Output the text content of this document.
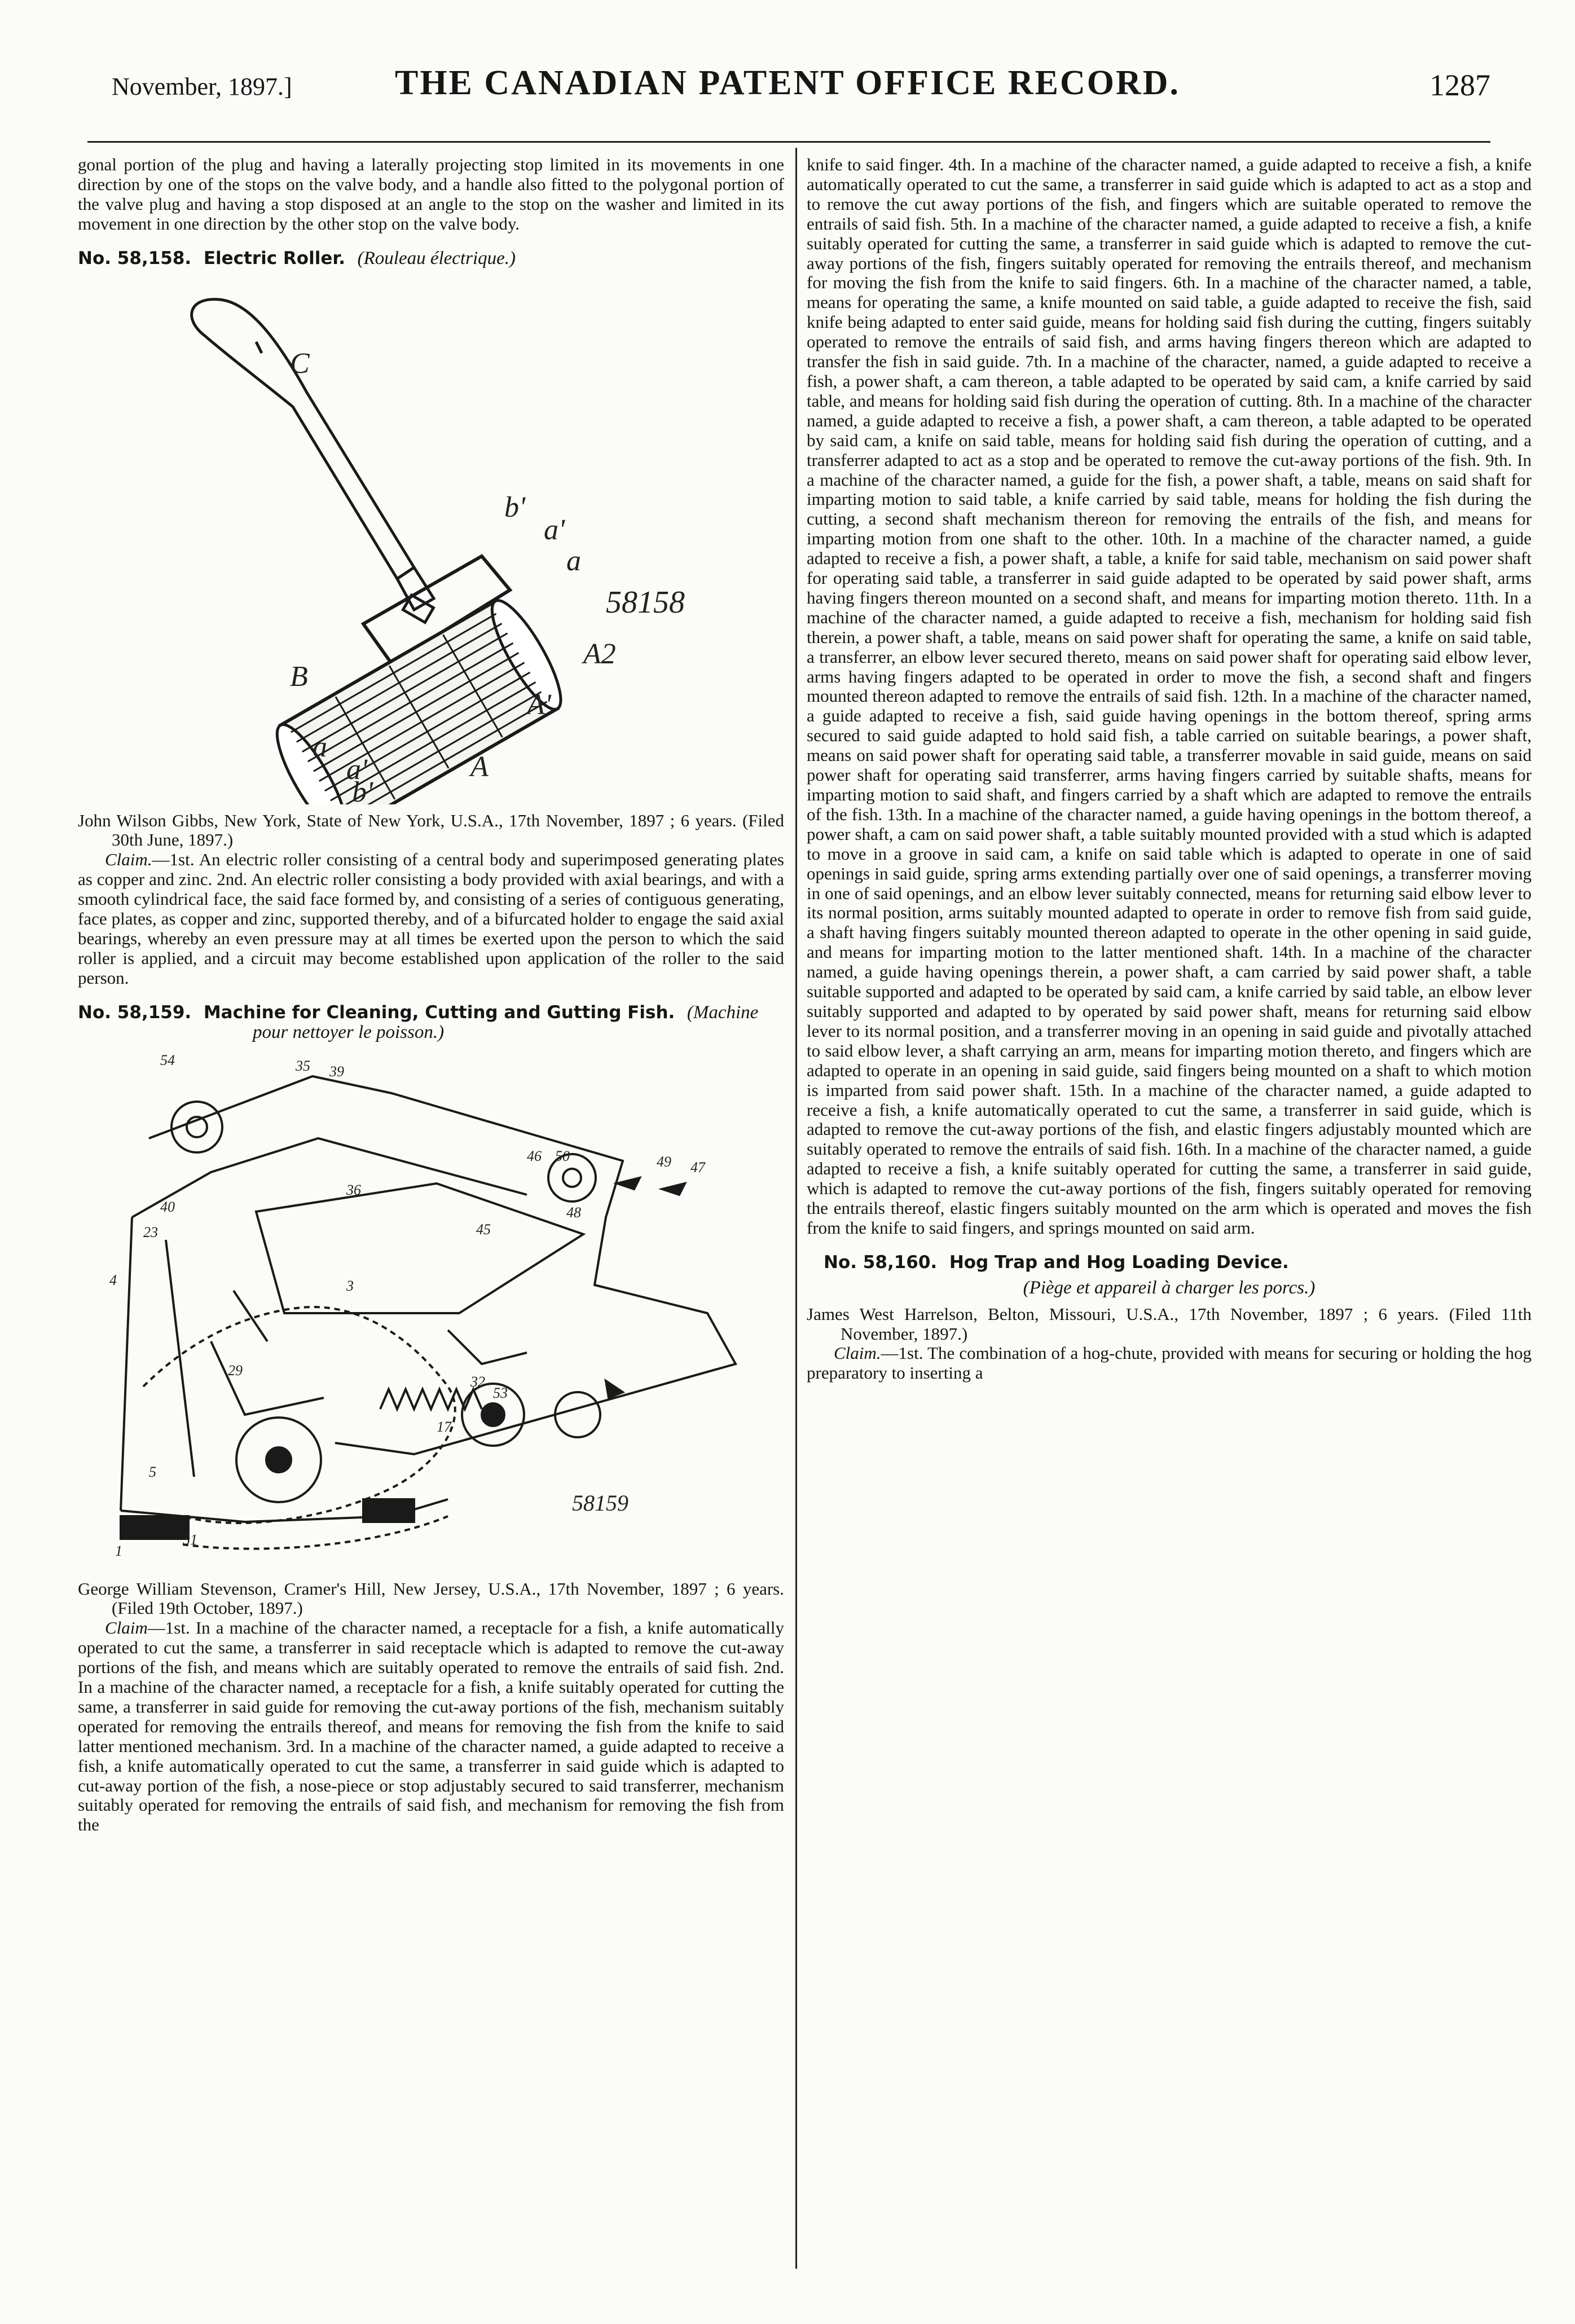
November, 1897.]	THE CANADIAN PATENT OFFICE RECORD.	1287

gonal portion of the plug and having a laterally projecting stop limited in its movements in one direction by one of the stops on the valve body, and a handle also fitted to the polygonal portion of the valve plug and having a stop disposed at an angle to the stop on the washer and limited in its movement in one direction by the other stop on the valve body.

No. 58,158. Electric Roller. (Rouleau électrique.)

C
b'
a'
a
58158
B
A2
A'
a
a'
b'
A

John Wilson Gibbs, New York, State of New York, U.S.A., 17th November, 1897 ; 6 years. (Filed 30th June, 1897.)

Claim.—1st. An electric roller consisting of a central body and superimposed generating plates as copper and zinc. 2nd. An electric roller consisting a body provided with axial bearings, and with a smooth cylindrical face, the said face formed by, and consisting of a series of contiguous generating, face plates, as copper and zinc, supported thereby, and of a bifurcated holder to engage the said axial bearings, whereby an even pressure may at all times be exerted upon the person to which the said roller is applied, and a circuit may become established upon application of the roller to the said person.

No. 58,159. Machine for Cleaning, Cutting and Gutting Fish. (Machine pour nettoyer le poisson.)

54	35 39
46 50
47
49
40
23
36
45
48
4	3
29
51
53
32
17
1
5
58159

George William Stevenson, Cramer's Hill, New Jersey, U.S.A., 17th November, 1897 ; 6 years. (Filed 19th October, 1897.)

Claim—1st. In a machine of the character named, a receptacle for a fish, a knife automatically operated to cut the same, a transferrer in said receptacle which is adapted to remove the cut-away portions of the fish, and means which are suitably operated to remove the entrails of said fish. 2nd. In a machine of the character named, a receptacle for a fish, a knife suitably operated for cutting the same, a transferrer in said guide for removing the cut-away portions of the fish, mechanism suitably operated for removing the entrails thereof, and means for removing the fish from the knife to said latter mentioned mechanism. 3rd. In a machine of the character named, a guide adapted to receive a fish, a knife automatically operated to cut the same, a transferrer in said guide which is adapted to cut-away portion of the fish, a nose-piece or stop adjustably secured to said transferrer, mechanism suitably operated for removing the entrails of said fish, and mechanism for removing the fish from the

knife to said finger. 4th. In a machine of the character named, a guide adapted to receive a fish, a knife automatically operated to cut the same, a transferrer in said guide which is adapted to act as a stop and to remove the cut away portions of the fish, and fingers which are suitable operated to remove the entrails of said fish. 5th. In a machine of the character named, a guide adapted to receive a fish, a knife suitably operated for cutting the same, a transferrer in said guide which is adapted to remove the cut-away portions of the fish, fingers suitably operated for removing the entrails thereof, and mechanism for moving the fish from the knife to said fingers. 6th. In a machine of the character named, a table, means for operating the same, a knife mounted on said table, a guide adapted to receive the fish, said knife being adapted to enter said guide, means for holding said fish during the cutting, fingers suitably operated to remove the entrails of said fish, and arms having fingers thereon which are adapted to transfer the fish in said guide. 7th. In a machine of the character, named, a guide adapted to receive a fish, a power shaft, a cam thereon, a table adapted to be operated by said cam, a knife carried by said table, and means for holding said fish during the operation of cutting. 8th. In a machine of the character named, a guide adapted to receive a fish, a power shaft, a cam thereon, a table adapted to be operated by said cam, a knife on said table, means for holding said fish during the operation of cutting, and a transferrer adapted to act as a stop and be operated to remove the cut-away portions of the fish. 9th. In a machine of the character named, a guide for the fish, a power shaft, a table, means on said shaft for imparting motion to said table, a knife carried by said table, means for holding the fish during the cutting, a second shaft mechanism thereon for removing the entrails of the fish, and means for imparting motion from one shaft to the other. 10th. In a machine of the character named, a guide adapted to receive a fish, a power shaft, a table, a knife for said table, mechanism on said power shaft for operating said table, a transferrer in said guide adapted to be operated by said power shaft, arms having fingers thereon mounted on a second shaft, and means for imparting motion thereto. 11th. In a machine of the character named, a guide adapted to receive a fish, mechanism for holding said fish therein, a power shaft, a table, means on said power shaft for operating the same, a knife on said table, a transferrer, an elbow lever secured thereto, means on said power shaft for operating said elbow lever, arms having fingers adapted to be operated in order to move the fish, a second shaft and fingers mounted thereon adapted to remove the entrails of said fish. 12th. In a machine of the character named, a guide adapted to receive a fish, said guide having openings in the bottom thereof, spring arms secured to said guide adapted to hold said fish, a table carried on suitable bearings, a power shaft, means on said power shaft for operating said table, a transferrer movable in said guide, means on said power shaft for operating said transferrer, arms having fingers carried by suitable shafts, means for imparting motion to said shaft, and fingers carried by a shaft which are adapted to remove the entrails of the fish. 13th. In a machine of the character named, a guide having openings in the bottom thereof, a power shaft, a cam on said power shaft, a table suitably mounted provided with a stud which is adapted to move in a groove in said cam, a knife on said table which is adapted to operate in one of said openings in said guide, spring arms extending partially over one of said openings, a transferrer moving in one of said openings, and an elbow lever suitably connected, means for returning said elbow lever to its normal position, arms suitably mounted adapted to operate in order to remove fish from said guide, a shaft having fingers suitably mounted thereon adapted to operate in the other opening in said guide, and means for imparting motion to the latter mentioned shaft. 14th. In a machine of the character named, a guide having openings therein, a power shaft, a cam carried by said power shaft, a table suitable supported and adapted to be operated by said cam, a knife carried by said table, an elbow lever suitably supported and adapted to by operated by said power shaft, means for returning said elbow lever to its normal position, and a transferrer moving in an opening in said guide and pivotally attached to said elbow lever, a shaft carrying an arm, means for imparting motion thereto, and fingers which are adapted to operate in an opening in said guide, said fingers being mounted on a shaft to which motion is imparted from said power shaft. 15th. In a machine of the character named, a guide adapted to receive a fish, a knife automatically operated to cut the same, a transferrer in said guide, which is adapted to remove the cut-away portions of the fish, and elastic fingers adjustably mounted which are suitably operated to remove the entrails of said fish. 16th. In a machine of the character named, a guide adapted to receive a fish, a knife suitably operated for cutting the same, a transferrer in said guide, which is adapted to remove the cut-away portions of the fish, fingers suitably operated for removing the entrails thereof, elastic fingers suitably mounted on the arm which is operated and moves the fish from the knife to said fingers, and springs mounted on said arm.

No. 58,160. Hog Trap and Hog Loading Device.

(Piège et appareil à charger les porcs.)

James West Harrelson, Belton, Missouri, U.S.A., 17th November, 1897 ; 6 years. (Filed 11th November, 1897.)

Claim.—1st. The combination of a hog-chute, provided with means for securing or holding the hog preparatory to inserting a
